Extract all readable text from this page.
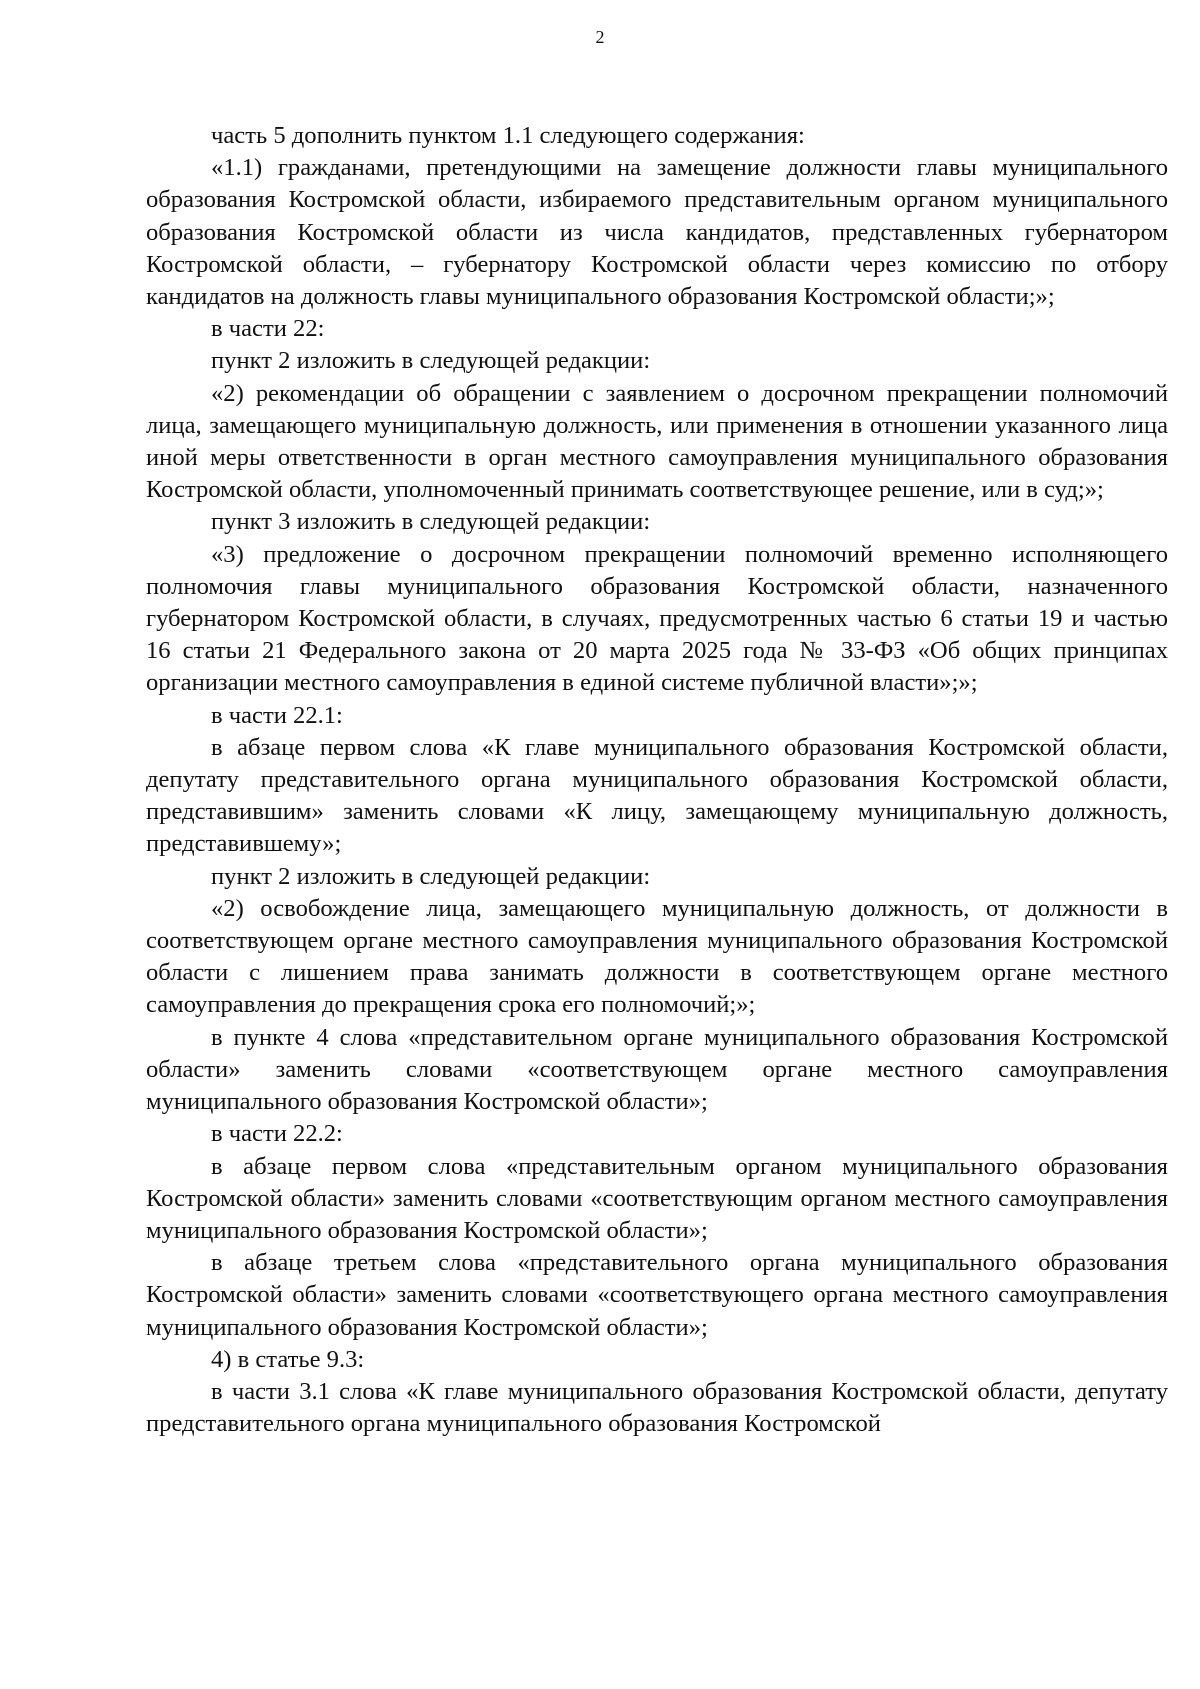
2

часть 5 дополнить пунктом 1.1 следующего содержания:

«1.1) гражданами, претендующими на замещение должности главы муниципального образования Костромской области, избираемого представительным органом муниципального образования Костромской области из числа кандидатов, представленных губернатором Костромской области, – губернатору Костромской области через комиссию по отбору кандидатов на должность главы муниципального образования Костромской области;»;

в части 22:

пункт 2 изложить в следующей редакции:

«2) рекомендации об обращении с заявлением о досрочном прекращении полномочий лица, замещающего муниципальную должность, или применения в отношении указанного лица иной меры ответственности в орган местного самоуправления муниципального образования Костромской области, уполномоченный принимать соответствующее решение, или в суд;»;

пункт 3 изложить в следующей редакции:

«3) предложение о досрочном прекращении полномочий временно исполняющего полномочия главы муниципального образования Костромской области, назначенного губернатором Костромской области, в случаях, предусмотренных частью 6 статьи 19 и частью 16 статьи 21 Федерального закона от 20 марта 2025 года № 33-ФЗ «Об общих принципах организации местного самоуправления в единой системе публичной власти»;»;

в части 22.1:

в абзаце первом слова «К главе муниципального образования Костромской области, депутату представительного органа муниципального образования Костромской области, представившим» заменить словами «К лицу, замещающему муниципальную должность, представившему»;

пункт 2 изложить в следующей редакции:

«2) освобождение лица, замещающего муниципальную должность, от должности в соответствующем органе местного самоуправления муниципального образования Костромской области с лишением права занимать должности в соответствующем органе местного самоуправления до прекращения срока его полномочий;»;

в пункте 4 слова «представительном органе муниципального образования Костромской области» заменить словами «соответствующем органе местного самоуправления муниципального образования Костромской области»;

в части 22.2:

в абзаце первом слова «представительным органом муниципального образования Костромской области» заменить словами «соответствующим органом местного самоуправления муниципального образования Костромской области»;

в абзаце третьем слова «представительного органа муниципального образования Костромской области» заменить словами «соответствующего органа местного самоуправления муниципального образования Костромской области»;

4) в статье 9.3:

в части 3.1 слова «К главе муниципального образования Костромской области, депутату представительного органа муниципального образования Костромской
